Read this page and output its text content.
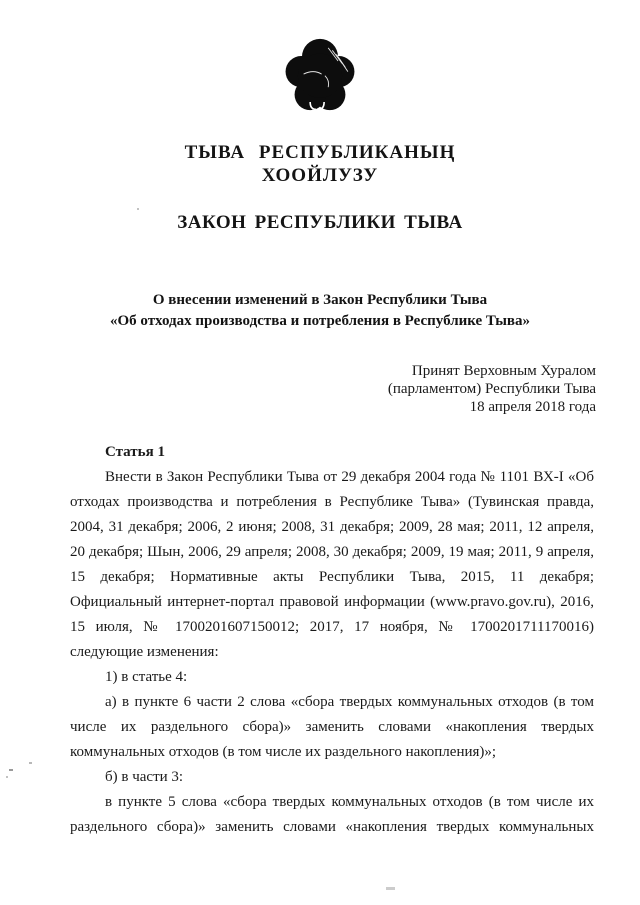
ТЫВА РЕСПУБЛИКАНЫҢ
ХООЙЛУЗУ
ЗАКОН РЕСПУБЛИКИ ТЫВА
О внесении изменений в Закон Республики Тыва
«Об отходах производства и потребления в Республике Тыва»
Принят Верховным Хуралом
(парламентом) Республики Тыва
18 апреля 2018 года

Статья 1

Внести в Закон Республики Тыва от 29 декабря 2004 года № 1101 ВХ-I «Об отходах производства и потребления в Республике Тыва» (Тувинская правда, 2004, 31 декабря; 2006, 2 июня; 2008, 31 декабря; 2009, 28 мая; 2011, 12 апреля, 20 декабря; Шын, 2006, 29 апреля; 2008, 30 декабря; 2009, 19 мая; 2011, 9 апреля, 15 декабря; Нормативные акты Республики Тыва, 2015, 11 декабря; Официальный интернет-портал правовой информации (www.pravo.gov.ru), 2016, 15 июля, № 1700201607150012; 2017, 17 ноября, № 1700201711170016) следующие изменения:

1) в статье 4:

а) в пункте 6 части 2 слова «сбора твердых коммунальных отходов (в том числе их раздельного сбора)» заменить словами «накопления твердых коммунальных отходов (в том числе их раздельного накопления)»;

б) в части 3:

в пункте 5 слова «сбора твердых коммунальных отходов (в том числе их раздельного сбора)» заменить словами «накопления твердых коммунальных
